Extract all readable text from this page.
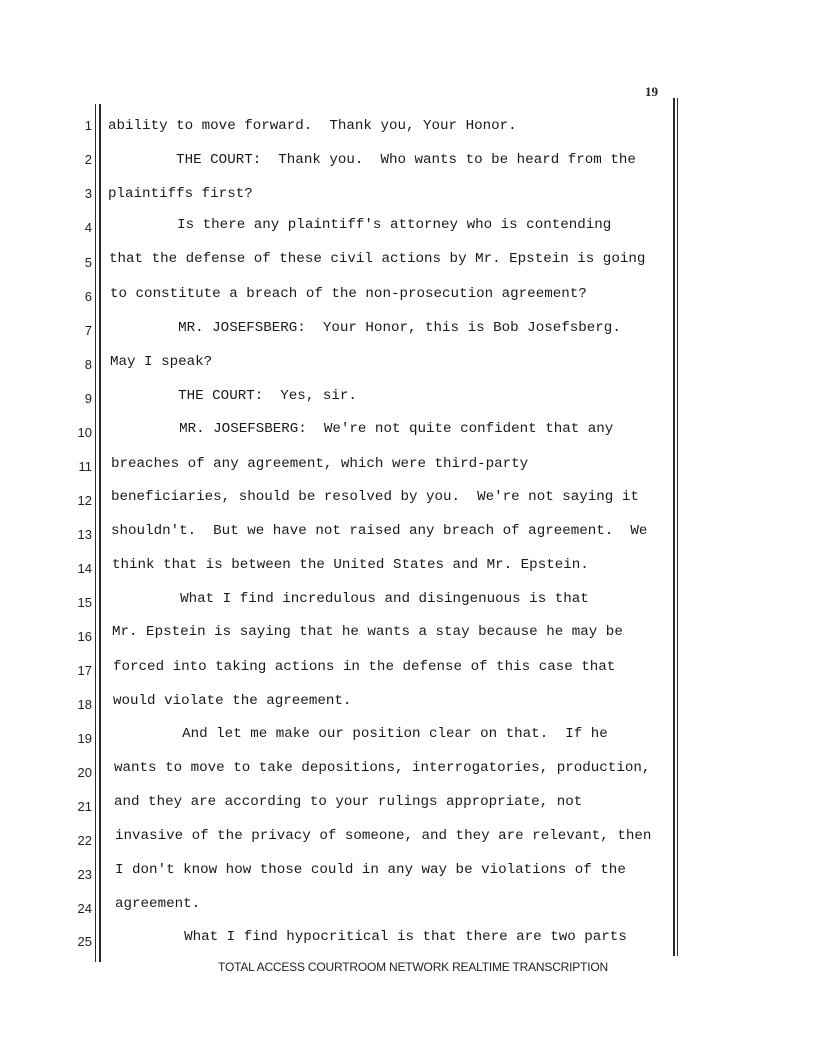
19
1 ability to move forward.  Thank you, Your Honor.
2 THE COURT:  Thank you.  Who wants to be heard from the
3 plaintiffs first?
4 Is there any plaintiff's attorney who is contending
5 that the defense of these civil actions by Mr. Epstein is going
6 to constitute a breach of the non-prosecution agreement?
7 MR. JOSEFSBERG:  Your Honor, this is Bob Josefsberg.
8 May I speak?
9 THE COURT:  Yes, sir.
10 MR. JOSEFSBERG:  We're not quite confident that any
11 breaches of any agreement, which were third-party
12 beneficiaries, should be resolved by you.  We're not saying it
13 shouldn't.  But we have not raised any breach of agreement.  We
14 think that is between the United States and Mr. Epstein.
15 What I find incredulous and disingenuous is that
16 Mr. Epstein is saying that he wants a stay because he may be
17 forced into taking actions in the defense of this case that
18 would violate the agreement.
19 And let me make our position clear on that.  If he
20 wants to move to take depositions, interrogatories, production,
21 and they are according to your rulings appropriate, not
22 invasive of the privacy of someone, and they are relevant, then
23 I don't know how those could in any way be violations of the
24 agreement.
25 What I find hypocritical is that there are two parts
TOTAL ACCESS COURTROOM NETWORK REALTIME TRANSCRIPTION
